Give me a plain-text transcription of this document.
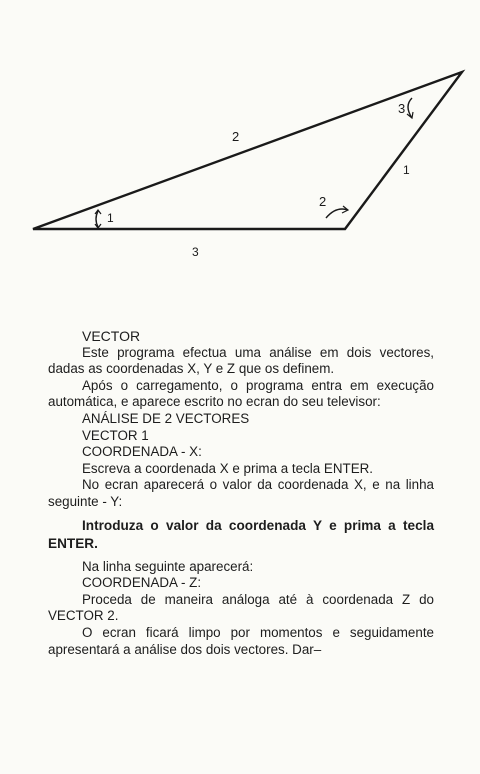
2
1
3
1
2
3

VECTOR

Este programa efectua uma análise em dois vectores, dadas as coordenadas X, Y e Z que os definem.

Após o carregamento, o programa entra em execução automática, e aparece escrito no ecran do seu televisor:

ANÁLISE DE 2 VECTORES

VECTOR 1

COORDENADA - X:

Escreva a coordenada X e prima a tecla ENTER.

No ecran aparecerá o valor da coordenada X, e na linha seguinte - Y:

Introduza o valor da coordenada Y e prima a tecla ENTER.

Na linha seguinte aparecerá:

COORDENADA - Z:

Proceda de maneira análoga até à coordenada Z do VECTOR 2.

O ecran ficará limpo por momentos e seguidamente apresentará a análise dos dois vectores. Dar–
